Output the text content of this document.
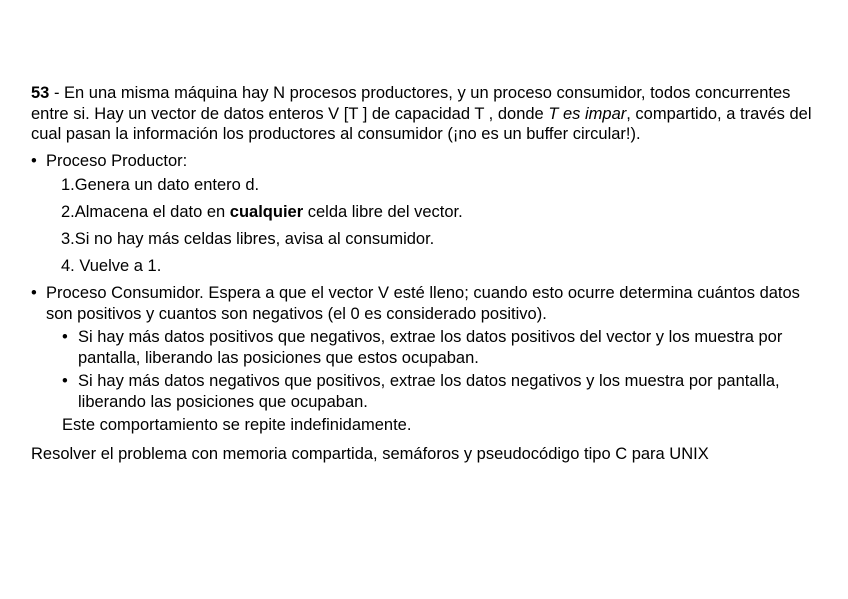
53 - En una misma máquina hay N procesos productores, y un proceso consumidor, todos concurrentes entre si. Hay un vector de datos enteros V [T ] de capacidad T , donde T es impar, compartido, a través del cual pasan la información los productores al consumidor (¡no es un buffer circular!).

• Proceso Productor:
1.Genera un dato entero d.
2.Almacena el dato en cualquier celda libre del vector.
3.Si no hay más celdas libres, avisa al consumidor.
4. Vuelve a 1.
• Proceso Consumidor. Espera a que el vector V esté lleno; cuando esto ocurre determina cuántos datos son positivos y cuantos son negativos (el 0 es considerado positivo).
• Si hay más datos positivos que negativos, extrae los datos positivos del vector y los muestra por pantalla, liberando las posiciones que estos ocupaban.
• Si hay más datos negativos que positivos, extrae los datos negativos y los muestra por pantalla, liberando las posiciones que ocupaban.
Este comportamiento se repite indefinidamente.
Resolver el problema con memoria compartida, semáforos y pseudocódigo tipo C para UNIX
